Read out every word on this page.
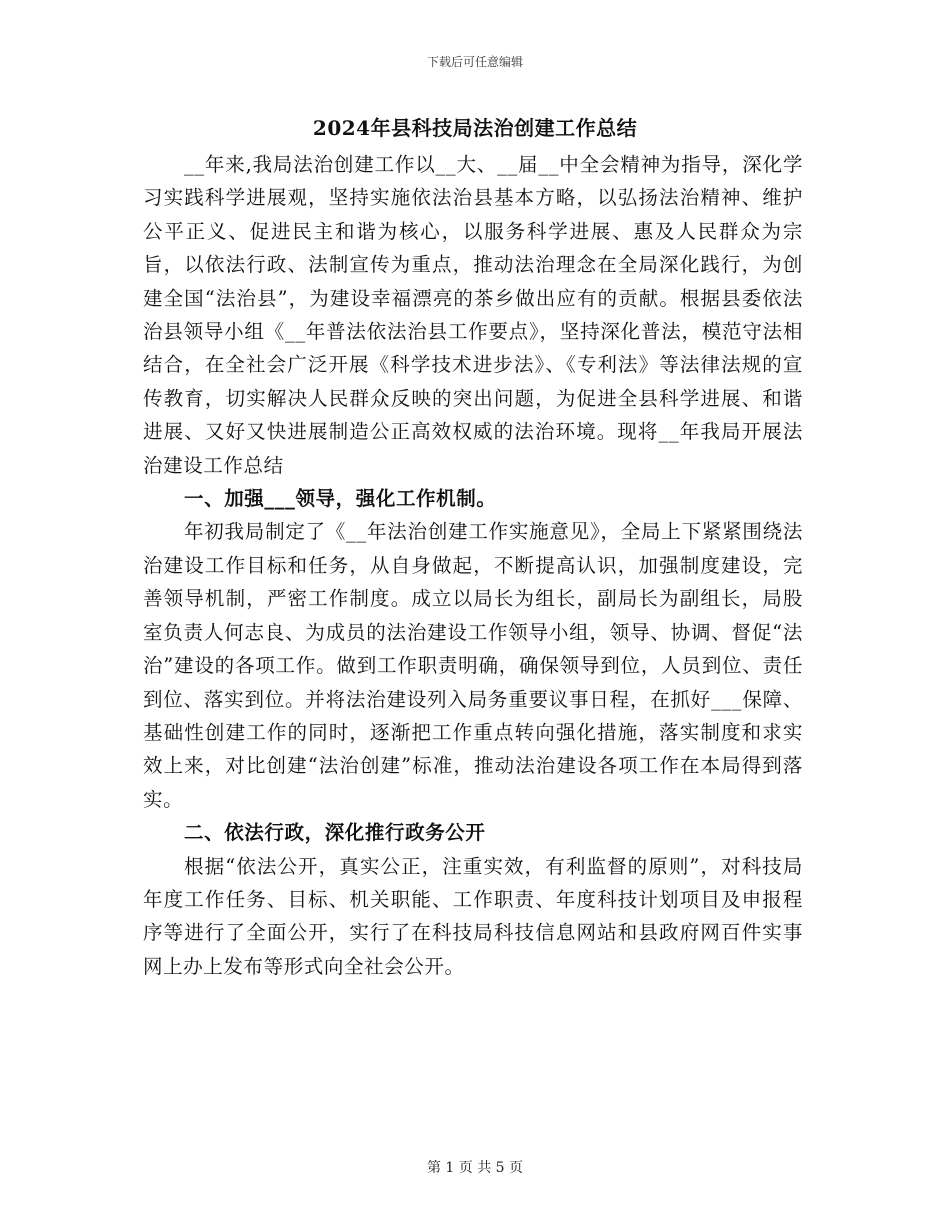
下载后可任意编辑
2024年县科技局法治创建工作总结

__年来,我局法治创建工作以__大、__届__中全会精神为指导，深化学习实践科学进展观，坚持实施依法治县基本方略，以弘扬法治精神、维护公平正义、促进民主和谐为核心，以服务科学进展、惠及人民群众为宗旨，以依法行政、法制宣传为重点，推动法治理念在全局深化践行，为创建全国“法治县”，为建设幸福漂亮的茶乡做出应有的贡献。根据县委依法治县领导小组《__年普法依法治县工作要点》，坚持深化普法，模范守法相结合，在全社会广泛开展《科学技术进步法》、《专利法》等法律法规的宣传教育，切实解决人民群众反映的突出问题，为促进全县科学进展、和谐进展、又好又快进展制造公正高效权威的法治环境。现将__年我局开展法治建设工作总结

一、加强___领导，强化工作机制。

年初我局制定了《__年法治创建工作实施意见》，全局上下紧紧围绕法治建设工作目标和任务，从自身做起，不断提高认识，加强制度建设，完善领导机制，严密工作制度。成立以局长为组长，副局长为副组长，局股室负责人何志良、为成员的法治建设工作领导小组，领导、协调、督促“法治”建设的各项工作。做到工作职责明确，确保领导到位，人员到位、责任到位、落实到位。并将法治建设列入局务重要议事日程，在抓好___保障、基础性创建工作的同时，逐渐把工作重点转向强化措施，落实制度和求实效上来，对比创建“法治创建”标准，推动法治建设各项工作在本局得到落实。

二、依法行政，深化推行政务公开

根据“依法公开，真实公正，注重实效，有利监督的原则”，对科技局年度工作任务、目标、机关职能、工作职责、年度科技计划项目及申报程序等进行了全面公开，实行了在科技局科技信息网站和县政府网百件实事网上办上发布等形式向全社会公开。

第 1 页 共 5 页
